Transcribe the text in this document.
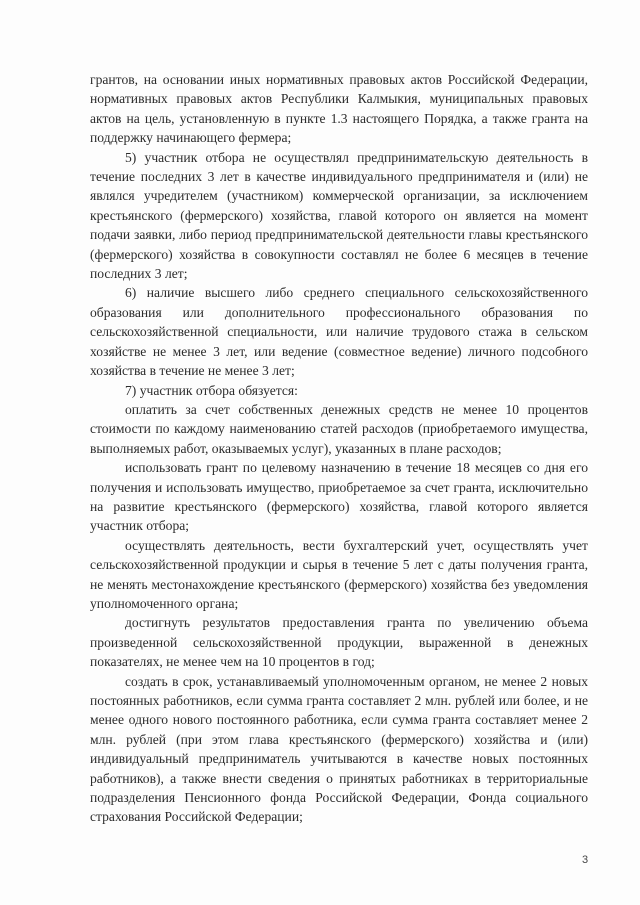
грантов, на основании иных нормативных правовых актов Российской Федерации, нормативных правовых актов Республики Калмыкия, муниципальных правовых актов на цель, установленную в пункте 1.3 настоящего Порядка, а также гранта на поддержку начинающего фермера;

5) участник отбора не осуществлял предпринимательскую деятельность в течение последних 3 лет в качестве индивидуального предпринимателя и (или) не являлся учредителем (участником) коммерческой организации, за исключением крестьянского (фермерского) хозяйства, главой которого он является на момент подачи заявки, либо период предпринимательской деятельности главы крестьянского (фермерского) хозяйства в совокупности составлял не более 6 месяцев в течение последних 3 лет;

6) наличие высшего либо среднего специального сельскохозяйственного образования или дополнительного профессионального образования по сельскохозяйственной специальности, или наличие трудового стажа в сельском хозяйстве не менее 3 лет, или ведение (совместное ведение) личного подсобного хозяйства в течение не менее 3 лет;

7) участник отбора обязуется:

оплатить за счет собственных денежных средств не менее 10 процентов стоимости по каждому наименованию статей расходов (приобретаемого имущества, выполняемых работ, оказываемых услуг), указанных в плане расходов;

использовать грант по целевому назначению в течение 18 месяцев со дня его получения и использовать имущество, приобретаемое за счет гранта, исключительно на развитие крестьянского (фермерского) хозяйства, главой которого является участник отбора;

осуществлять деятельность, вести бухгалтерский учет, осуществлять учет сельскохозяйственной продукции и сырья в течение 5 лет с даты получения гранта, не менять местонахождение крестьянского (фермерского) хозяйства без уведомления уполномоченного органа;

достигнуть результатов предоставления гранта по увеличению объема произведенной сельскохозяйственной продукции, выраженной в денежных показателях, не менее чем на 10 процентов в год;

создать в срок, устанавливаемый уполномоченным органом, не менее 2 новых постоянных работников, если сумма гранта составляет 2 млн. рублей или более, и не менее одного нового постоянного работника, если сумма гранта составляет менее 2 млн. рублей (при этом глава крестьянского (фермерского) хозяйства и (или) индивидуальный предприниматель учитываются в качестве новых постоянных работников), а также внести сведения о принятых работниках в территориальные подразделения Пенсионного фонда Российской Федерации, Фонда социального страхования Российской Федерации;

3
